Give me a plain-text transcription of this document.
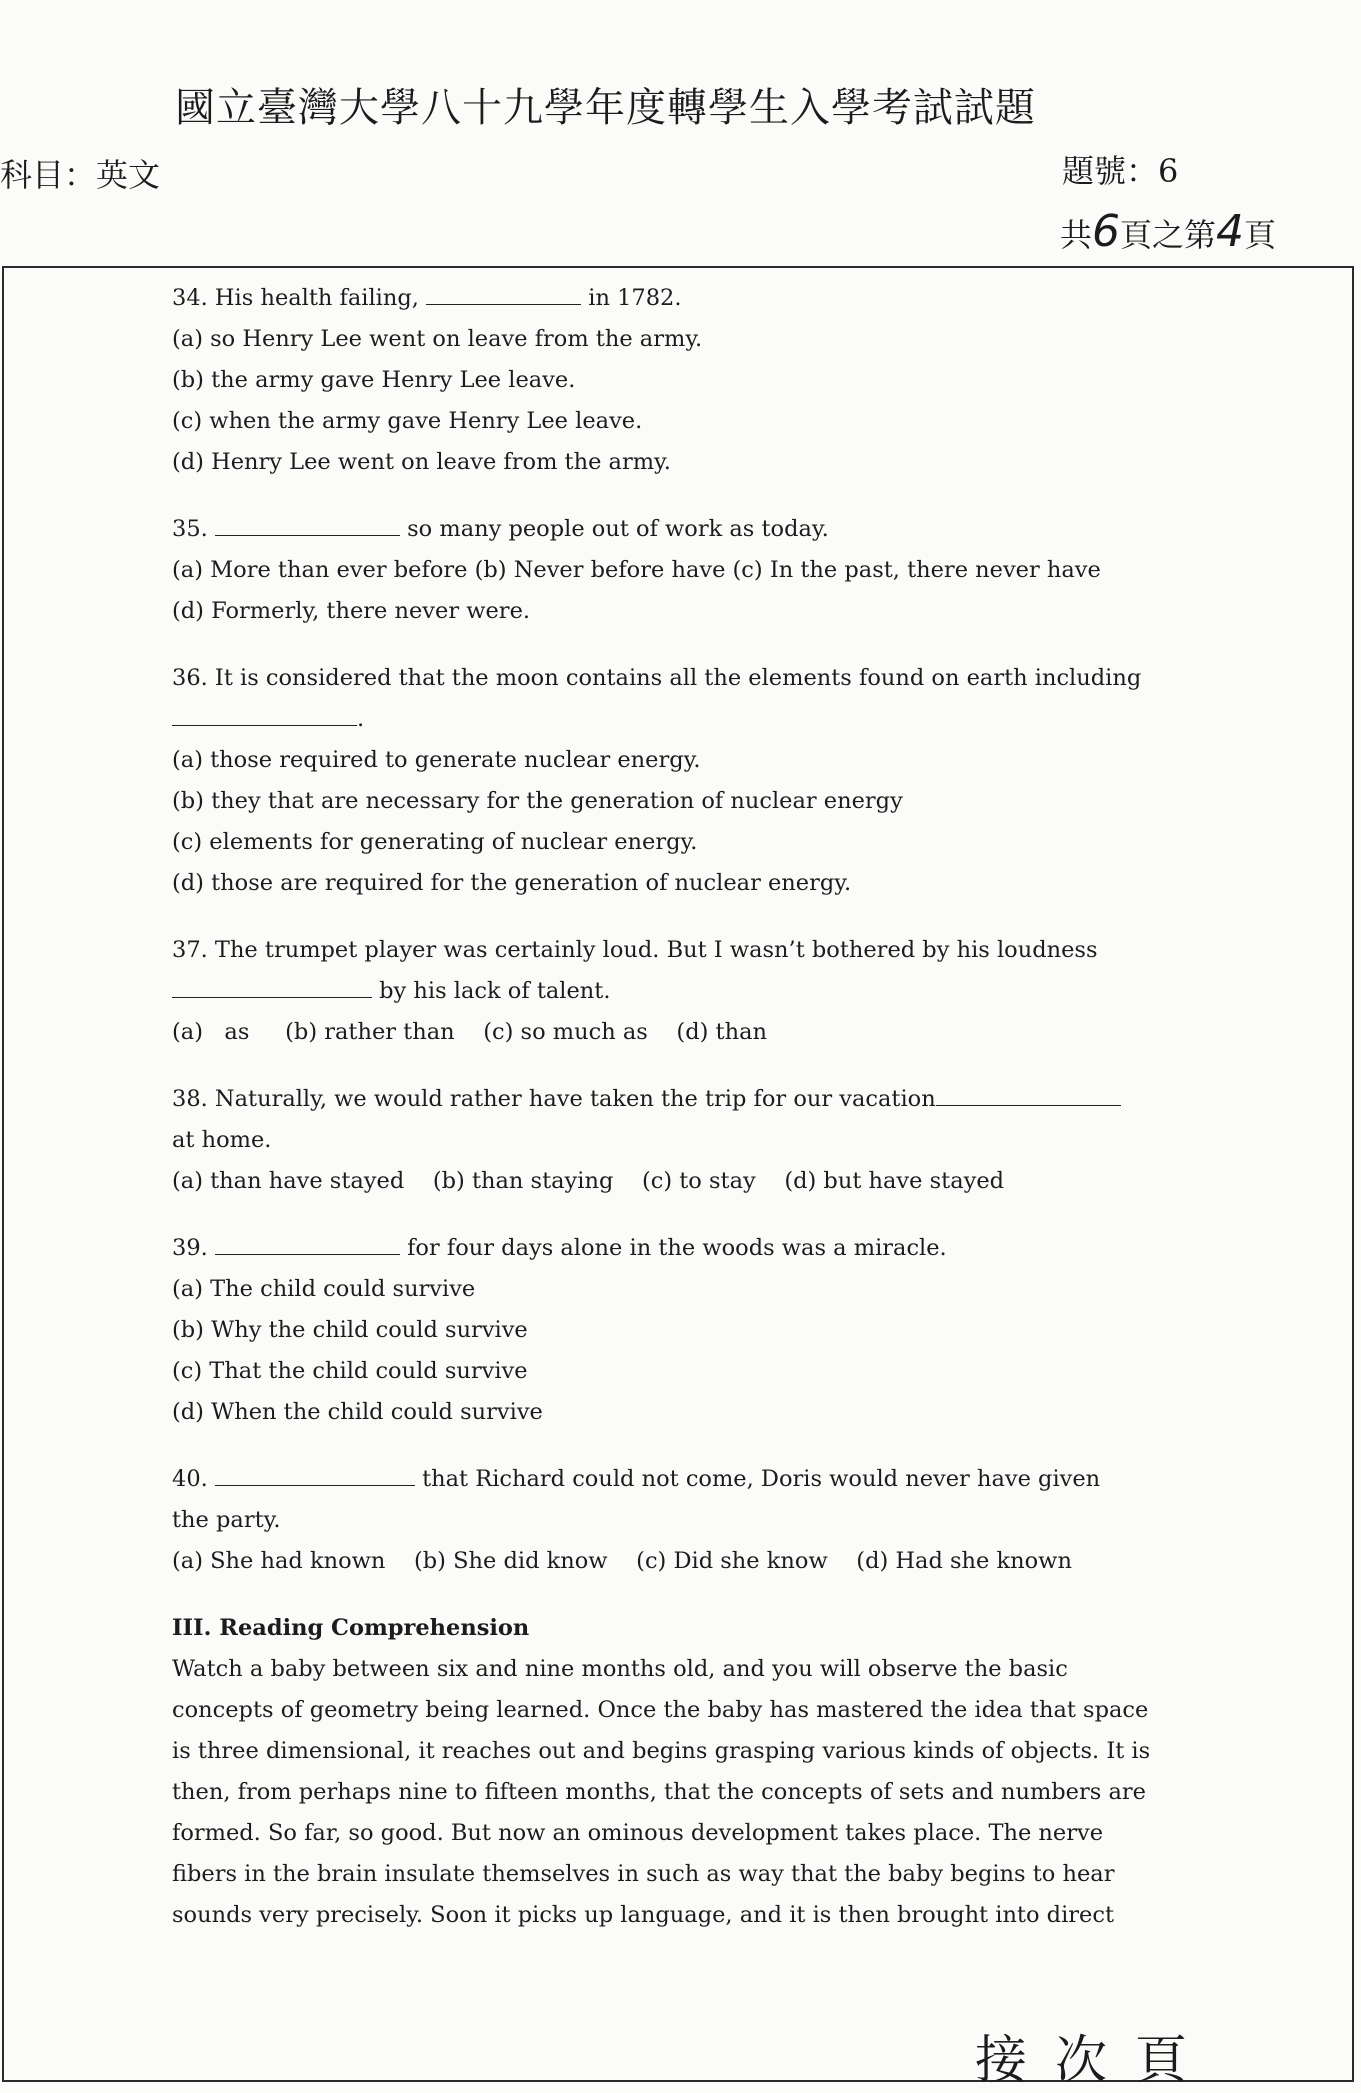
國立臺灣大學八十九學年度轉學生入學考試試題
科目：英文	題號：6
共6頁之第4頁
34. His health failing,	in 1782.
(a) so Henry Lee went on leave from the army.
(b) the army gave Henry Lee leave.
(c) when the army gave Henry Lee leave.
(d) Henry Lee went on leave from the army.
35.	so many people out of work as today.
(a) More than ever before (b) Never before have (c) In the past, there never have
(d) Formerly, there never were.
36. It is considered that the moon contains all the elements found on earth including
.
(a) those required to generate nuclear energy.
(b) they that are necessary for the generation of nuclear energy
(c) elements for generating of nuclear energy.
(d) those are required for the generation of nuclear energy.
37. The trumpet player was certainly loud. But I wasn’t bothered by his loudness
by his lack of talent.
(a)   as     (b) rather than    (c) so much as    (d) than
38. Naturally, we would rather have taken the trip for our vacation
at home.
(a) than have stayed    (b) than staying    (c) to stay    (d) but have stayed
39.	for four days alone in the woods was a miracle.
(a) The child could survive
(b) Why the child could survive
(c) That the child could survive
(d) When the child could survive
40.	that Richard could not come, Doris would never have given
the party.
(a) She had known    (b) She did know    (c) Did she know    (d) Had she known
III. Reading Comprehension
Watch a baby between six and nine months old, and you will observe the basic
concepts of geometry being learned. Once the baby has mastered the idea that space
is three dimensional, it reaches out and begins grasping various kinds of objects. It is
then, from perhaps nine to fifteen months, that the concepts of sets and numbers are
formed. So far, so good. But now an ominous development takes place. The nerve
fibers in the brain insulate themselves in such as way that the baby begins to hear
sounds very precisely. Soon it picks up language, and it is then brought into direct
接次頁
